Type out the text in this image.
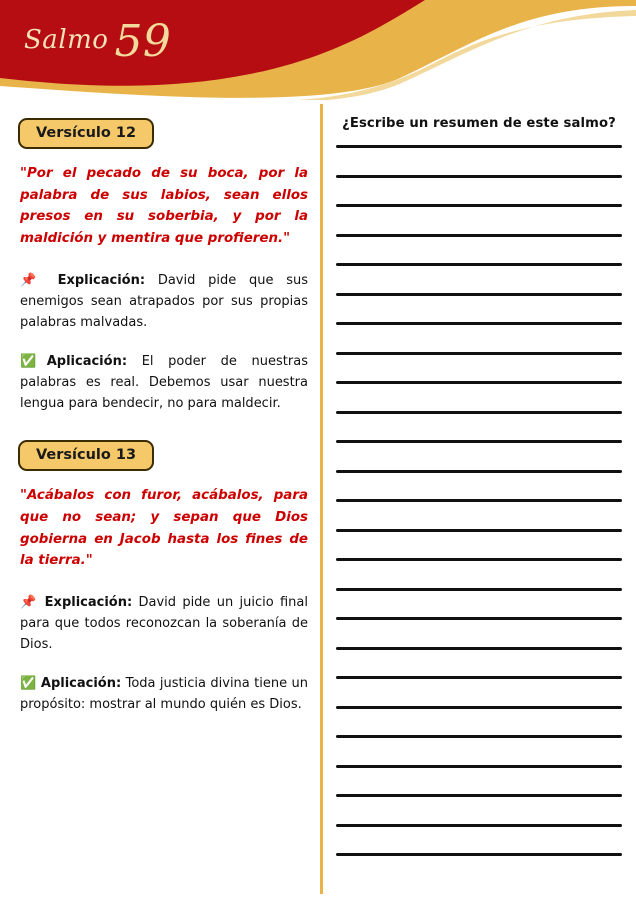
Salmo 59
Versículo 12

"Por el pecado de su boca, por la palabra de sus labios, sean ellos presos en su soberbia, y por la maldición y mentira que profieren."

📌 Explicación: David pide que sus enemigos sean atrapados por sus propias palabras malvadas.

✅Aplicación: El poder de nuestras palabras es real. Debemos usar nuestra lengua para bendecir, no para maldecir.

Versículo 13

"Acábalos con furor, acábalos, para que no sean; y sepan que Dios gobierna en Jacob hasta los fines de la tierra."

📌 Explicación: David pide un juicio final para que todos reconozcan la soberanía de Dios.

✅ Aplicación: Toda justicia divina tiene un propósito: mostrar al mundo quién es Dios.

¿Escribe un resumen de este salmo?
